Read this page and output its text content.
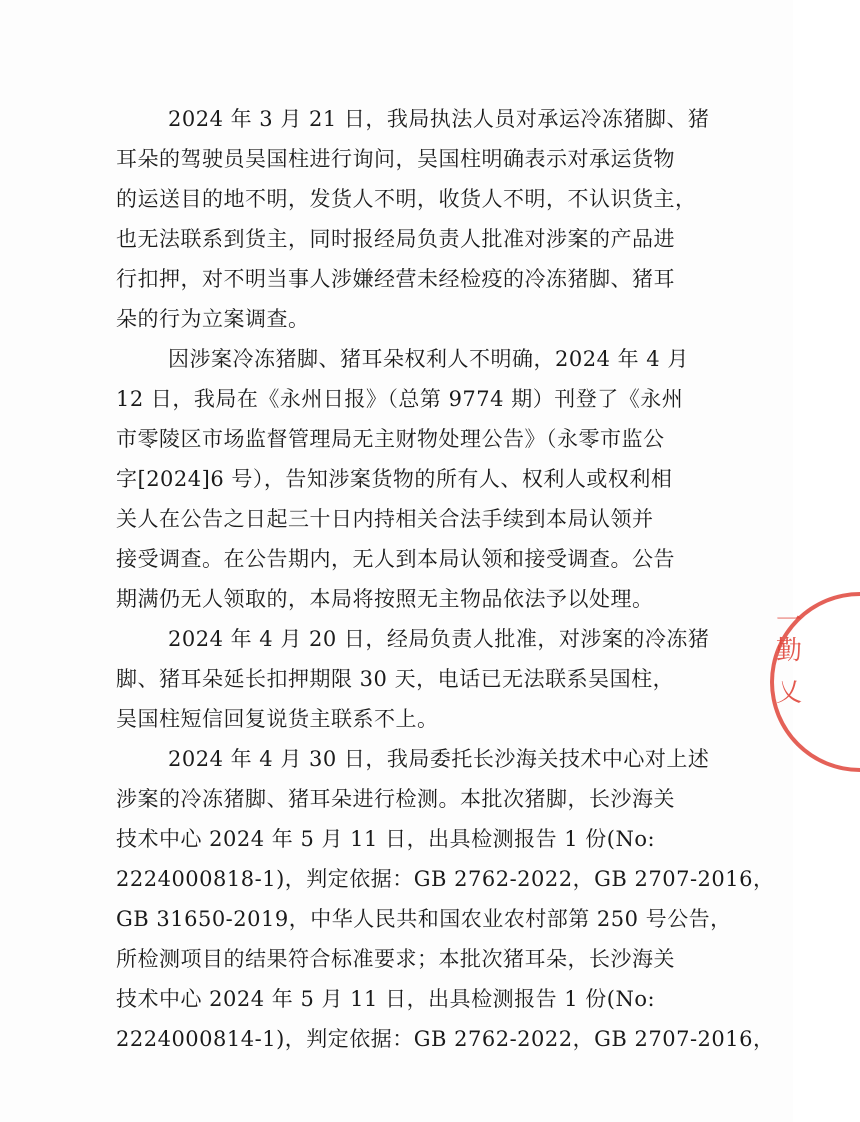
2024 年 3 月 21 日，我局执法人员对承运冷冻猪脚、猪
耳朵的驾驶员吴国柱进行询问，吴国柱明确表示对承运货物
的运送目的地不明，发货人不明，收货人不明，不认识货主，
也无法联系到货主，同时报经局负责人批准对涉案的产品进
行扣押，对不明当事人涉嫌经营未经检疫的冷冻猪脚、猪耳
朵的行为立案调查。
因涉案冷冻猪脚、猪耳朵权利人不明确，2024 年 4 月
12 日，我局在《永州日报》（总第 9774 期）刊登了《永州
市零陵区市场监督管理局无主财物处理公告》（永零市监公
字[2024]6 号），告知涉案货物的所有人、权利人或权利相
关人在公告之日起三十日内持相关合法手续到本局认领并
接受调查。在公告期内，无人到本局认领和接受调查。公告
期满仍无人领取的，本局将按照无主物品依法予以处理。
2024 年 4 月 20 日，经局负责人批准，对涉案的冷冻猪
脚、猪耳朵延长扣押期限 30 天，电话已无法联系吴国柱，
吴国柱短信回复说货主联系不上。
2024 年 4 月 30 日，我局委托长沙海关技术中心对上述
涉案的冷冻猪脚、猪耳朵进行检测。本批次猪脚，长沙海关
技术中心 2024 年 5 月 11 日，出具检测报告 1 份(No:
2224000818-1)，判定依据：GB 2762-2022，GB 2707-2016，
GB 31650-2019，中华人民共和国农业农村部第 250 号公告，
所检测项目的结果符合标准要求；本批次猪耳朵，长沙海关
技术中心 2024 年 5 月 11 日，出具检测报告 1 份(No:
2224000814-1)，判定依据：GB 2762-2022，GB 2707-2016，
一
勤
乂
